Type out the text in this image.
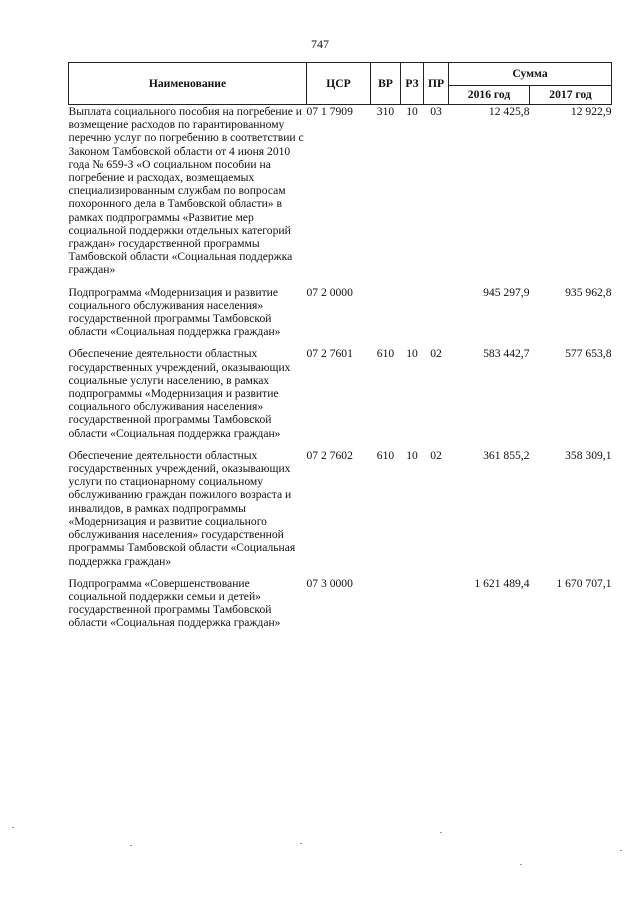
747
Наименование	ЦСР	ВР	РЗ	ПР	Сумма	
					2016 год	2017 год
Выплата социального пособия на погребение и возмещение расходов по гарантированному перечню услуг по погребению в соответствии с Законом Тамбовской области от 4 июня 2010 года № 659-З «О социальном пособии на погребение и расходах, возмещаемых специализированным службам по вопросам похоронного дела в Тамбовской области» в рамках подпрограммы «Развитие мер социальной поддержки отдельных категорий граждан» государственной программы Тамбовской области «Социальная поддержка граждан»	07 1 7909	310	10	03	12 425,8	12 922,9
Подпрограмма «Модернизация и развитие социального обслуживания населения» государственной программы Тамбовской области «Социальная поддержка граждан»	07 2 0000				945 297,9	935 962,8
Обеспечение деятельности областных государственных учреждений, оказывающих социальные услуги населению, в рамках подпрограммы «Модернизация и развитие социального обслуживания населения» государственной программы Тамбовской области «Социальная поддержка граждан»	07 2 7601	610	10	02	583 442,7	577 653,8
Обеспечение деятельности областных государственных учреждений, оказывающих услуги по стационарному социальному обслуживанию граждан пожилого возраста и инвалидов, в рамках подпрограммы «Модернизация и развитие социального обслуживания населения» государственной программы Тамбовской области «Социальная поддержка граждан»	07 2 7602	610	10	02	361 855,2	358 309,1
Подпрограмма «Совершенствование социальной поддержки семьи и детей» государственной программы Тамбовской области «Социальная поддержка граждан»	07 3 0000				1 621 489,4	1 670 707,1
